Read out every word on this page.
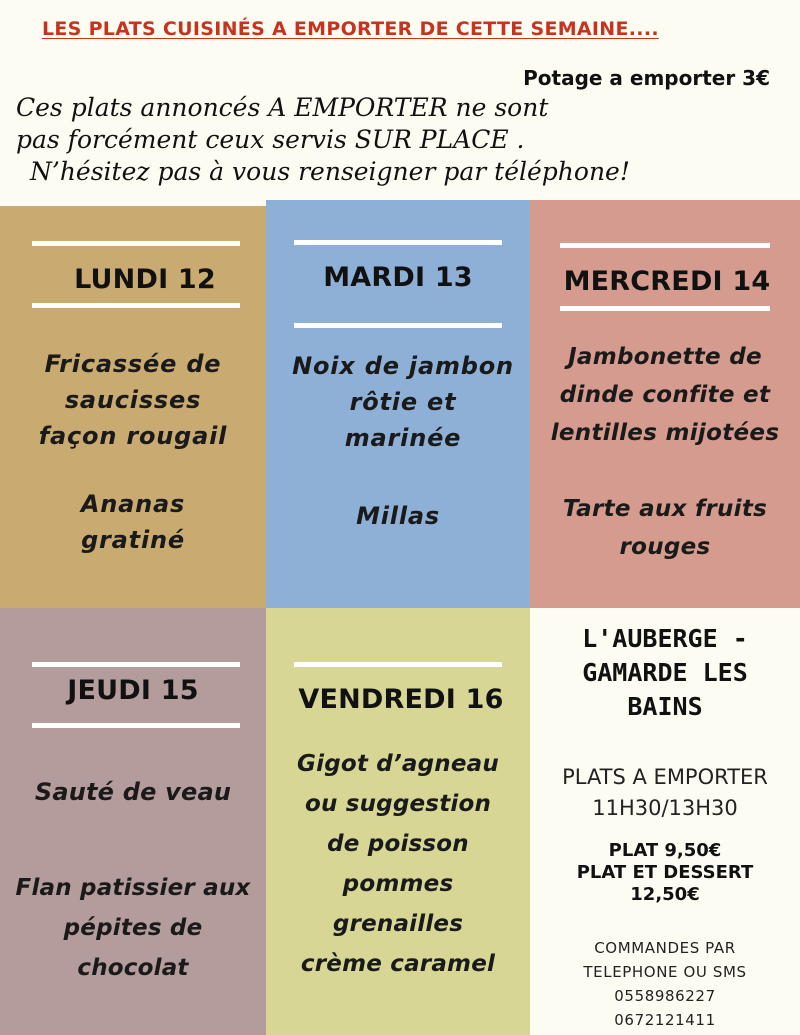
LES PLATS CUISINÉS A EMPORTER DE CETTE SEMAINE....
Potage a emporter 3€
Ces plats annoncés A EMPORTER ne sont
pas forcément ceux servis SUR PLACE .
N’hésitez pas à vous renseigner par téléphone!
LUNDI 12
Fricassée de
saucisses
façon rougail
Ananas
gratiné
MARDI 13
Noix de jambon
rôtie et
marinée
Millas
MERCREDI 14
Jambonette de
dinde confite et
lentilles mijotées
Tarte aux fruits
rouges
JEUDI 15
Sauté de veau
Flan patissier aux
pépites de
chocolat
VENDREDI 16
Gigot d’agneau
ou suggestion
de poisson
pommes
grenailles
crème caramel
L'AUBERGE -
GAMARDE LES
BAINS
PLATS A EMPORTER
11H30/13H30
PLAT 9,50€
PLAT ET DESSERT
12,50€
COMMANDES PAR
TELEPHONE OU SMS
0558986227
0672121411
